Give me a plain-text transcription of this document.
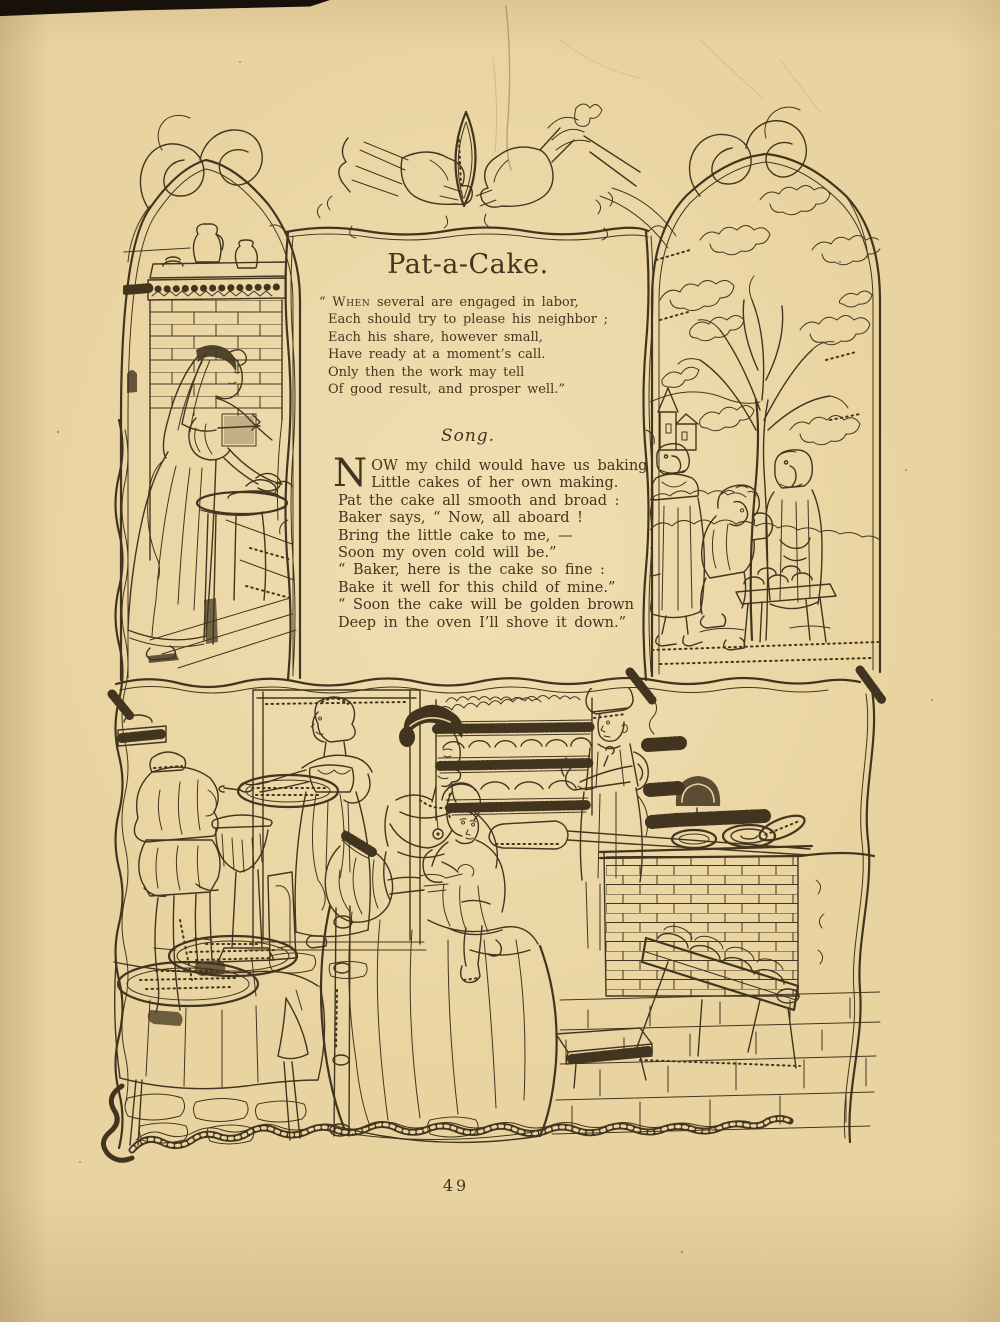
Pat-a-Cake.
“ When several are engaged in labor,
Each should try to please his neighbor ;
Each his share, however small,
Have ready at a moment’s call.
Only then the work may tell
Of good result, and prosper well.”
Song.
NOW my child would have us baking
Little cakes of her own making.
Pat the cake all smooth and broad :
Baker says, “ Now, all aboard !
Bring the little cake to me, —
Soon my oven cold will be.”
“ Baker, here is the cake so fine :
Bake it well for this child of mine.”
“ Soon the cake will be golden brown :
Deep in the oven I’ll shove it down.”
49
